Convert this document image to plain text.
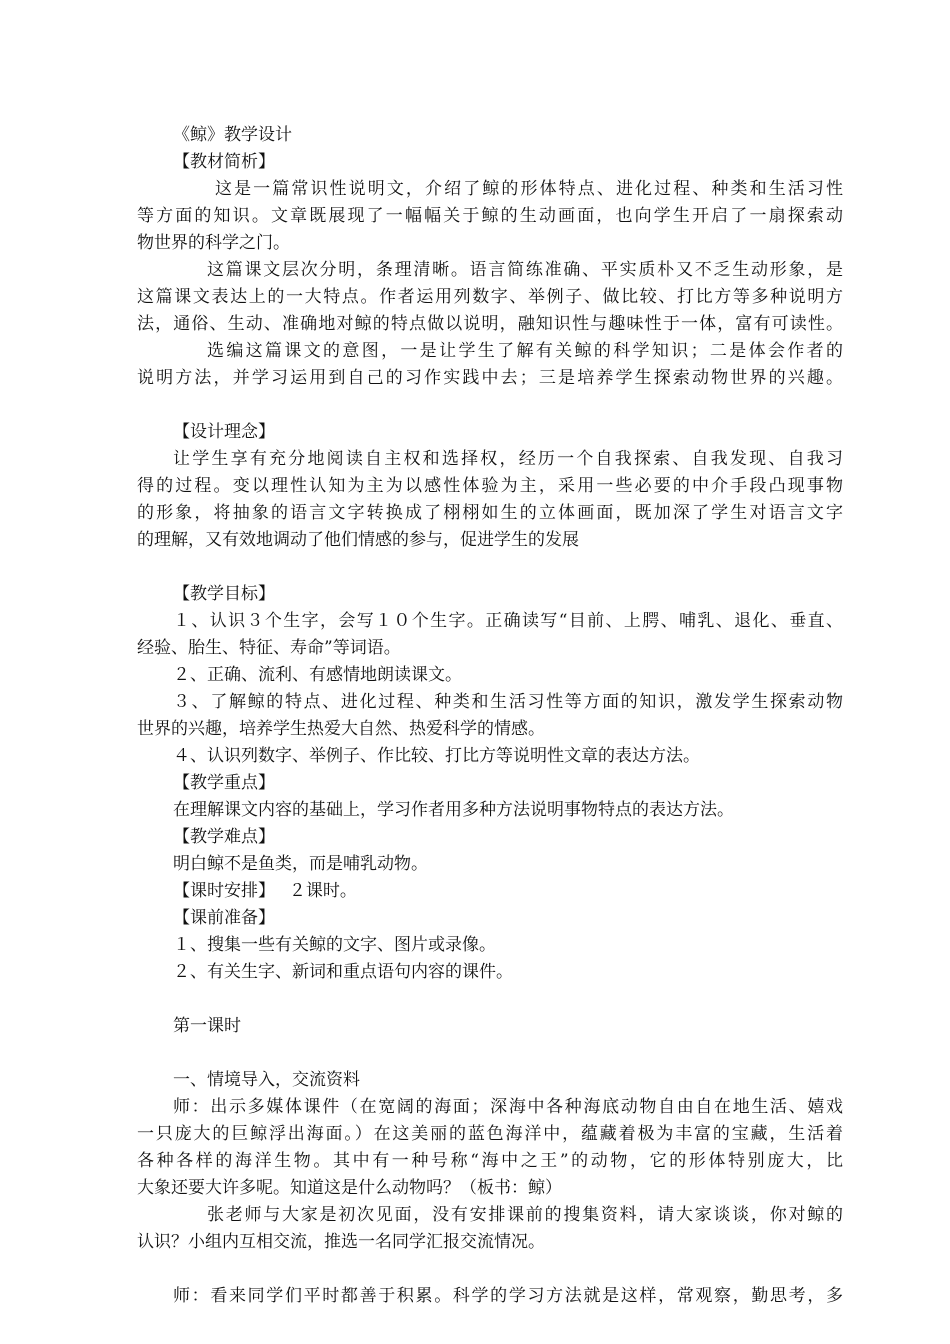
《鲸》教学设计
【教材简析】
这是一篇常识性说明文，介绍了鲸的形体特点、进化过程、种类和生活习性
等方面的知识。文章既展现了一幅幅关于鲸的生动画面，也向学生开启了一扇探索动
物世界的科学之门。
这篇课文层次分明，条理清晰。语言简练准确、平实质朴又不乏生动形象，是
这篇课文表达上的一大特点。作者运用列数字、举例子、做比较、打比方等多种说明方
法，通俗、生动、准确地对鲸的特点做以说明，融知识性与趣味性于一体，富有可读性。
选编这篇课文的意图，一是让学生了解有关鲸的科学知识；二是体会作者的
说明方法，并学习运用到自己的习作实践中去；三是培养学生探索动物世界的兴趣。
【设计理念】
让学生享有充分地阅读自主权和选择权，经历一个自我探索、自我发现、自我习
得的过程。变以理性认知为主为以感性体验为主，采用一些必要的中介手段凸现事物
的形象，将抽象的语言文字转换成了栩栩如生的立体画面，既加深了学生对语言文字
的理解，又有效地调动了他们情感的参与，促进学生的发展
【教学目标】
１、认识３个生字，会写１０个生字。正确读写“目前、上腭、哺乳、退化、垂直、
经验、胎生、特征、寿命”等词语。
２、正确、流利、有感情地朗读课文。
３、了解鲸的特点、进化过程、种类和生活习性等方面的知识，激发学生探索动物
世界的兴趣，培养学生热爱大自然、热爱科学的情感。
４、认识列数字、举例子、作比较、打比方等说明性文章的表达方法。
【教学重点】
在理解课文内容的基础上，学习作者用多种方法说明事物特点的表达方法。
【教学难点】
明白鲸不是鱼类，而是哺乳动物。
【课时安排】　 ２课时。
【课前准备】
１、搜集一些有关鲸的文字、图片或录像。
２、有关生字、新词和重点语句内容的课件。
第一课时
一、情境导入，交流资料
师：出示多媒体课件（在宽阔的海面；深海中各种海底动物自由自在地生活、嬉戏
一只庞大的巨鲸浮出海面。）在这美丽的蓝色海洋中，蕴藏着极为丰富的宝藏，生活着
各种各样的海洋生物。其中有一种号称“海中之王”的动物，它的形体特别庞大，比
大象还要大许多呢。知道这是什么动物吗？（板书：鲸）
张老师与大家是初次见面，没有安排课前的搜集资料，请大家谈谈，你对鲸的
认识？小组内互相交流，推选一名同学汇报交流情况。
师：看来同学们平时都善于积累。科学的学习方法就是这样，常观察，勤思考，多
